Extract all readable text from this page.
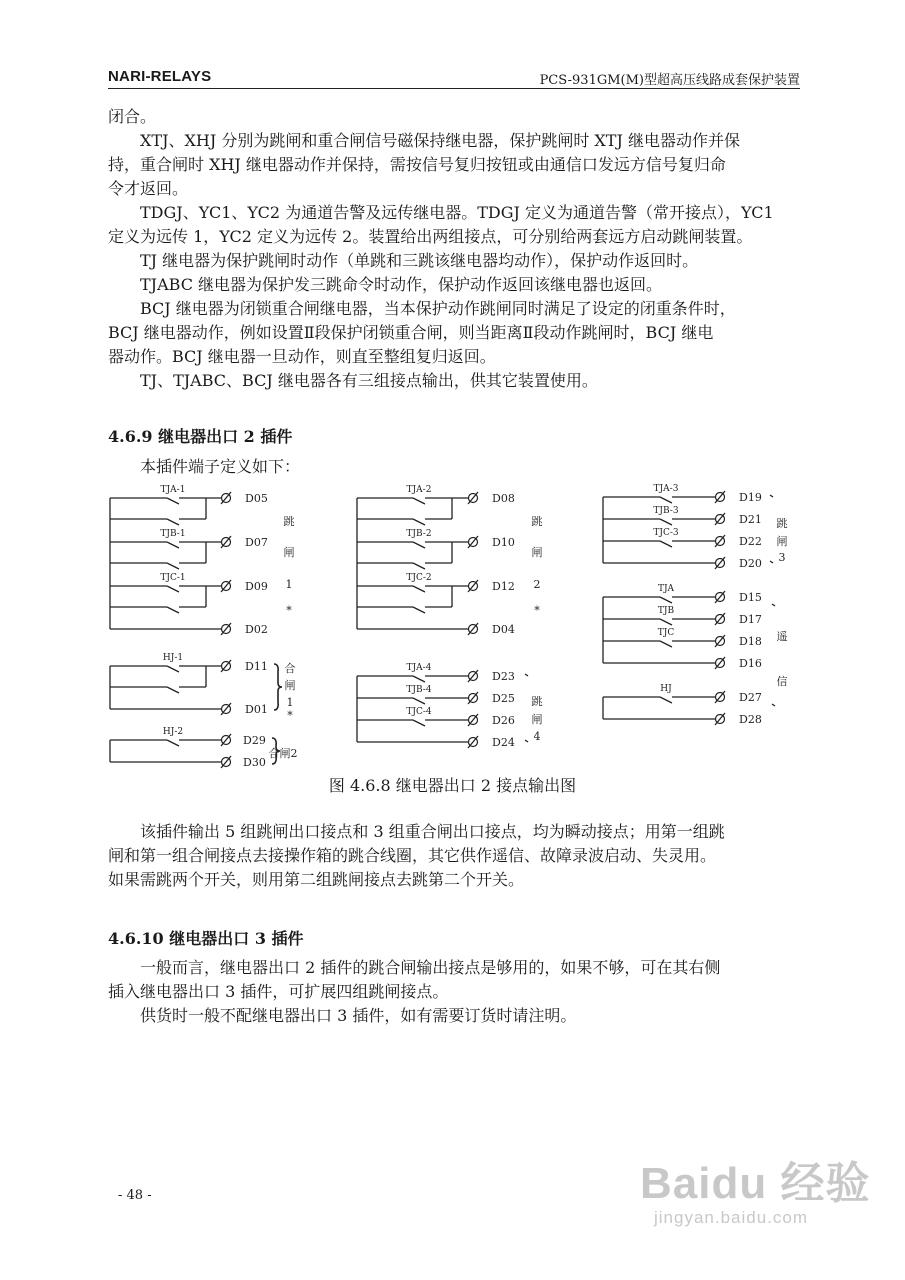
NARI-RELAYS	PCS-931GM(M)型超高压线路成套保护装置
闭合。
XTJ、XHJ 分别为跳闸和重合闸信号磁保持继电器，保护跳闸时 XTJ 继电器动作并保
持，重合闸时 XHJ 继电器动作并保持，需按信号复归按钮或由通信口发远方信号复归命
令才返回。
TDGJ、YC1、YC2 为通道告警及远传继电器。TDGJ 定义为通道告警（常开接点），YC1
定义为远传 1，YC2 定义为远传 2。装置给出两组接点，可分别给两套远方启动跳闸装置。
TJ 继电器为保护跳闸时动作（单跳和三跳该继电器均动作），保护动作返回时。
TJABC 继电器为保护发三跳命令时动作，保护动作返回该继电器也返回。
BCJ 继电器为闭锁重合闸继电器，当本保护动作跳闸同时满足了设定的闭重条件时，
BCJ 继电器动作，例如设置Ⅱ段保护闭锁重合闸，则当距离Ⅱ段动作跳闸时，BCJ 继电
器动作。BCJ 继电器一旦动作，则直至整组复归返回。
TJ、TJABC、BCJ 继电器各有三组接点输出，供其它装置使用。
4.6.9 继电器出口 2 插件
本插件端子定义如下：
TJA-1
D05
TJB-1
D07
TJC-1
D09
D02
跳
闸
1
*
HJ-1
D11
D01
合
闸
1
*
HJ-2
D29
D30
合闸2
TJA-2
D08
TJB-2
D10
TJC-2
D12
D04
跳
闸
2
*
TJA-4
D23
TJB-4
D25
TJC-4
D26
D24
跳
闸
4
TJA-3
D19
TJB-3
D21
TJC-3
D22
D20
跳
闸
3
TJA
D15
TJB
D17
TJC
D18
D16
遥
HJ
D27
D28
信
图 4.6.8 继电器出口 2 接点输出图
该插件输出 5 组跳闸出口接点和 3 组重合闸出口接点，均为瞬动接点；用第一组跳
闸和第一组合闸接点去接操作箱的跳合线圈，其它供作遥信、故障录波启动、失灵用。
如果需跳两个开关，则用第二组跳闸接点去跳第二个开关。
4.6.10 继电器出口 3 插件
一般而言，继电器出口 2 插件的跳合闸输出接点是够用的，如果不够，可在其右侧
插入继电器出口 3 插件，可扩展四组跳闸接点。
供货时一般不配继电器出口 3 插件，如有需要订货时请注明。
- 48 -	Baidu 经验
jingyan.baidu.com
